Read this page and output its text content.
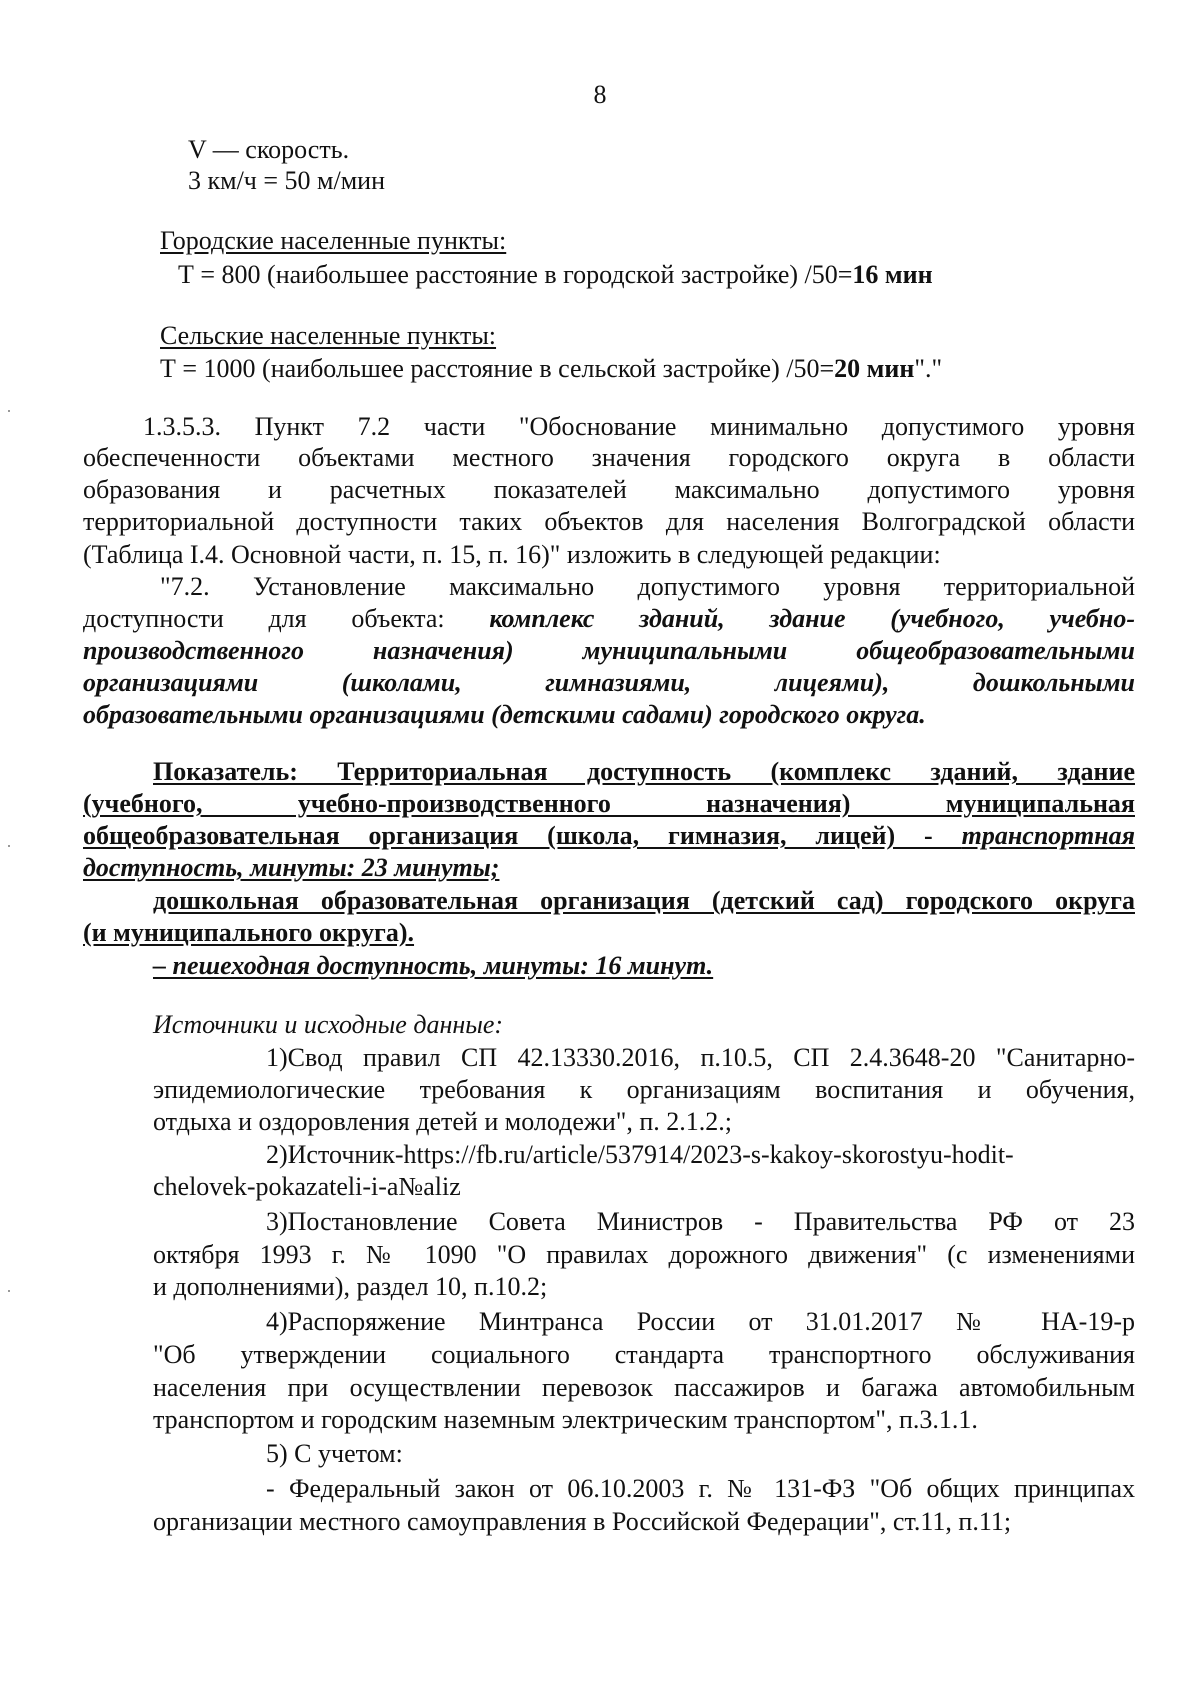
8
V — скорость.
3 км/ч = 50 м/мин
Городские населенные пункты:
Т = 800 (наибольшее расстояние в городской застройке) /50=16 мин
Сельские населенные пункты:
Т = 1000 (наибольшее расстояние в сельской застройке) /50=20 мин"."
1.3.5.3. Пункт 7.2 части "Обоснование минимально допустимого уровня
обеспеченности объектами местного значения городского округа в области
образования и расчетных показателей максимально допустимого уровня
территориальной доступности таких объектов для населения Волгоградской области
(Таблица I.4. Основной части, п. 15, п. 16)" изложить в следующей редакции:
"7.2. Установление максимально допустимого уровня территориальной
доступности для объекта: комплекс зданий, здание (учебного, учебно-
производственного назначения) муниципальными общеобразовательными
организациями (школами, гимназиями, лицеями), дошкольными
образовательными организациями (детскими садами) городского округа.
Показатель: Территориальная доступность (комплекс зданий, здание
(учебного, учебно-производственного назначения) муниципальная
общеобразовательная организация (школа, гимназия, лицей) - транспортная
доступность, минуты: 23 минуты;
дошкольная образовательная организация (детский сад) городского округа
(и муниципального округа).
– пешеходная доступность, минуты: 16 минут.
Источники и исходные данные:
1)Свод правил СП 42.13330.2016, п.10.5, СП 2.4.3648-20 "Санитарно-
эпидемиологические требования к организациям воспитания и обучения,
отдыха и оздоровления детей и молодежи", п. 2.1.2.;
2)Источник-https://fb.ru/article/537914/2023-s-kakoy-skorostyu-hodit-
chelovek-pokazateli-i-a№aliz
3)Постановление Совета Министров - Правительства РФ от 23
октября 1993 г. № 1090 "О правилах дорожного движения" (с изменениями
и дополнениями), раздел 10, п.10.2;
4)Распоряжение Минтранса России от 31.01.2017 № НА-19-р
"Об утверждении социального стандарта транспортного обслуживания
населения при осуществлении перевозок пассажиров и багажа автомобильным
транспортом и городским наземным электрическим транспортом", п.3.1.1.
5) С учетом:
- Федеральный закон от 06.10.2003 г. № 131-ФЗ "Об общих принципах
организации местного самоуправления в Российской Федерации", ст.11, п.11;
